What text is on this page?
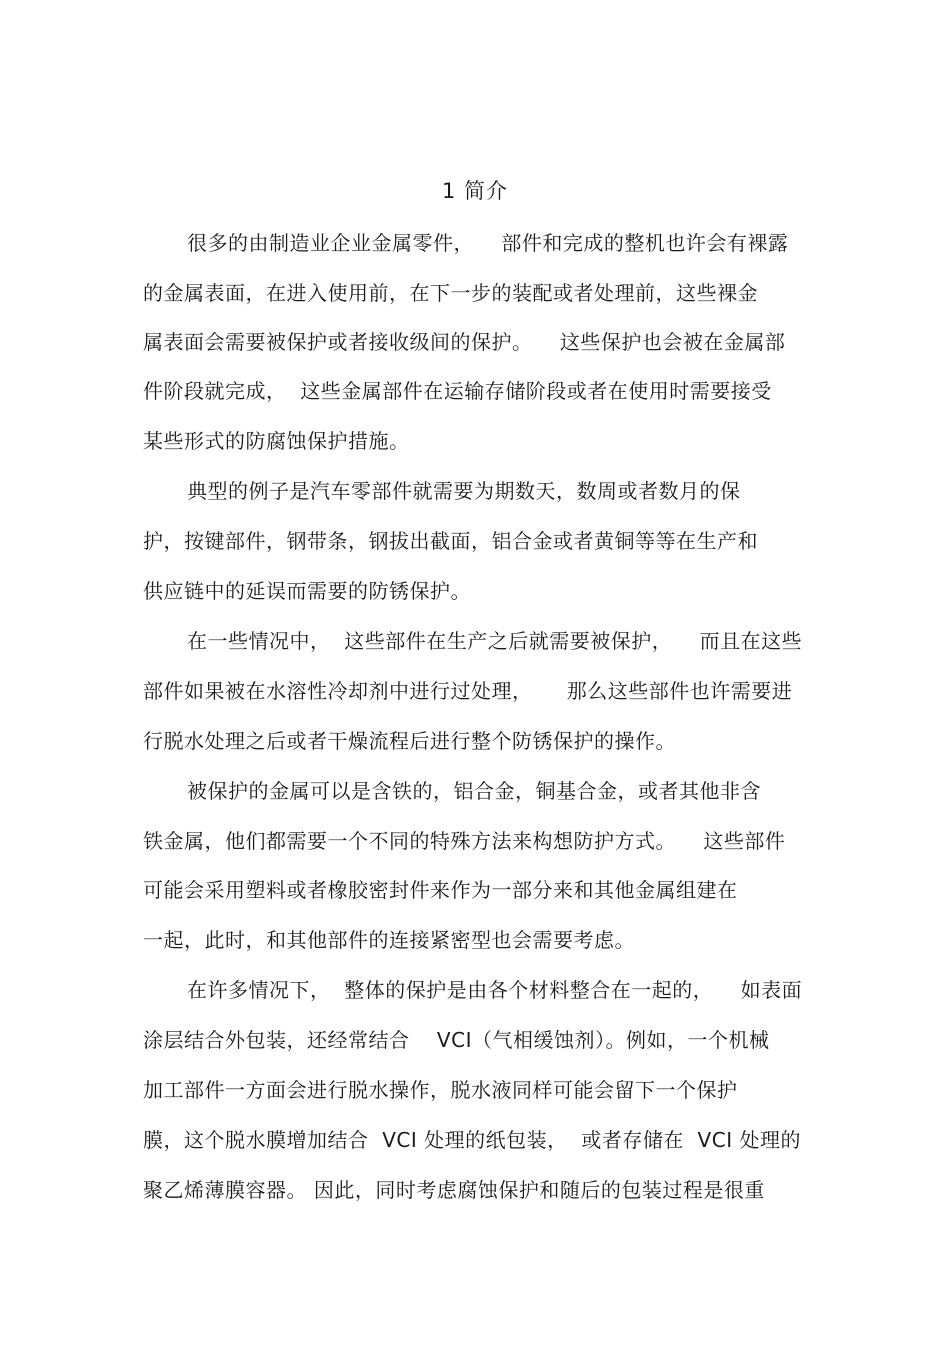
1 简介
很多的由制造业企业金属零件，    部件和完成的整机也许会有裸露
的金属表面，在进入使用前，在下一步的装配或者处理前，这些裸金
属表面会需要被保护或者接收级间的保护。    这些保护也会被在金属部
件阶段就完成，  这些金属部件在运输存储阶段或者在使用时需要接受
某些形式的防腐蚀保护措施。
典型的例子是汽车零部件就需要为期数天，数周或者数月的保
护，按键部件，钢带条，钢拔出截面，铝合金或者黄铜等等在生产和
供应链中的延误而需要的防锈保护。
在一些情况中，  这些部件在生产之后就需要被保护，    而且在这些
部件如果被在水溶性冷却剂中进行过处理，     那么这些部件也许需要进
行脱水处理之后或者干燥流程后进行整个防锈保护的操作。
被保护的金属可以是含铁的，铝合金，铜基合金，或者其他非含
铁金属，他们都需要一个不同的特殊方法来构想防护方式。    这些部件
可能会采用塑料或者橡胶密封件来作为一部分来和其他金属组建在
一起，此时，和其他部件的连接紧密型也会需要考虑。
在许多情况下，  整体的保护是由各个材料整合在一起的，    如表面
涂层结合外包装，还经常结合    VCI（气相缓蚀剂）。例如，一个机械
加工部件一方面会进行脱水操作，脱水液同样可能会留下一个保护
膜，这个脱水膜增加结合  VCI 处理的纸包装，  或者存储在  VCI 处理的
聚乙烯薄膜容器。 因此，同时考虑腐蚀保护和随后的包装过程是很重
